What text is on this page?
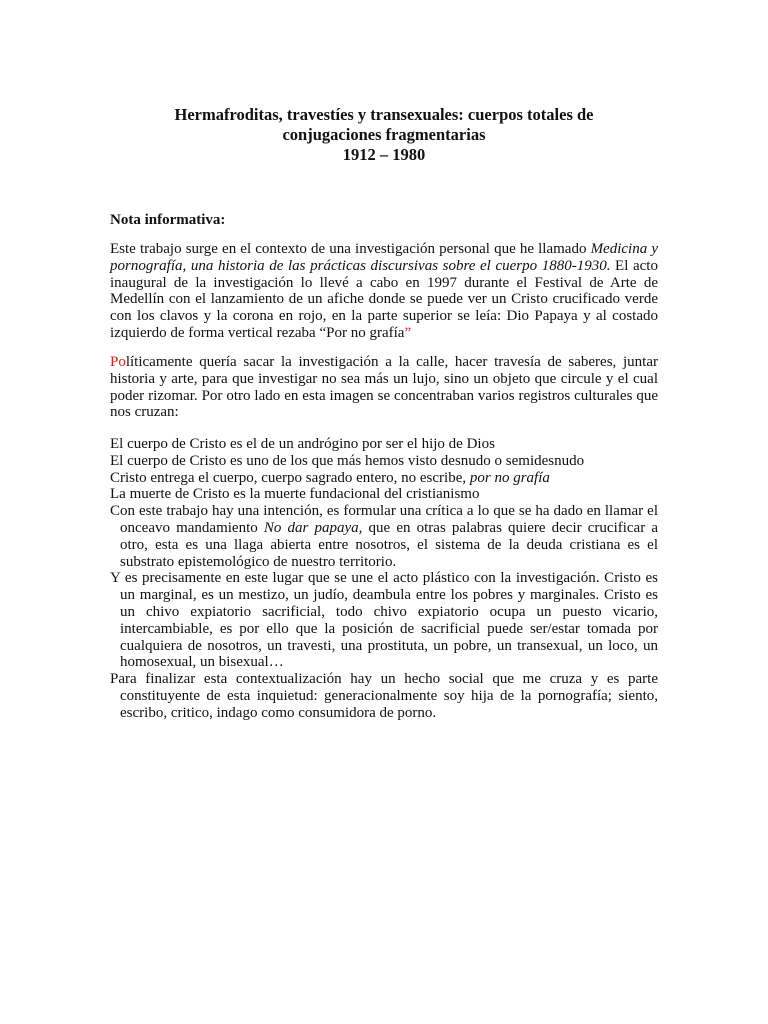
Hermafroditas, travestíes y transexuales: cuerpos totales de
conjugaciones fragmentarias
1912 – 1980
Nota informativa:
Este trabajo surge en el contexto de una investigación personal que he llamado Medicina y pornografía, una historia de las prácticas discursivas sobre el cuerpo 1880-1930. El acto inaugural de la investigación lo llevé a cabo en 1997 durante el Festival de Arte de Medellín con el lanzamiento de un afiche donde se puede ver un Cristo crucificado verde con los clavos y la corona en rojo, en la parte superior se leía: Dio Papaya y al costado izquierdo de forma vertical rezaba “Por no grafía”
Políticamente quería sacar la investigación a la calle, hacer travesía de saberes, juntar historia y arte, para que investigar no sea más un lujo, sino un objeto que circule y el cual poder rizomar. Por otro lado en esta imagen se concentraban varios registros culturales que nos cruzan:
El cuerpo de Cristo es el de un andrógino por ser el hijo de Dios
El cuerpo de Cristo es uno de los que más hemos visto desnudo o semidesnudo
Cristo entrega el cuerpo, cuerpo sagrado entero, no escribe, por no grafía
La muerte de Cristo es la muerte fundacional del cristianismo
Con este trabajo hay una intención, es formular una crítica a lo que se ha dado en llamar el onceavo mandamiento No dar papaya, que en otras palabras quiere decir crucificar a otro, esta es una llaga abierta entre nosotros, el sistema de la deuda cristiana es el substrato epistemológico de nuestro territorio.
Y es precisamente en este lugar que se une el acto plástico con la investigación. Cristo es un marginal, es un mestizo, un judío, deambula entre los pobres y marginales. Cristo es un chivo expiatorio sacrificial, todo chivo expiatorio ocupa un puesto vicario, intercambiable, es por ello que la posición de sacrificial puede ser/estar tomada por cualquiera de nosotros, un travesti, una prostituta, un pobre, un transexual, un loco, un homosexual, un bisexual…
Para finalizar esta contextualización hay un hecho social que me cruza y es parte constituyente de esta inquietud: generacionalmente soy hija de la pornografía; siento, escribo, critico, indago como consumidora de porno.
